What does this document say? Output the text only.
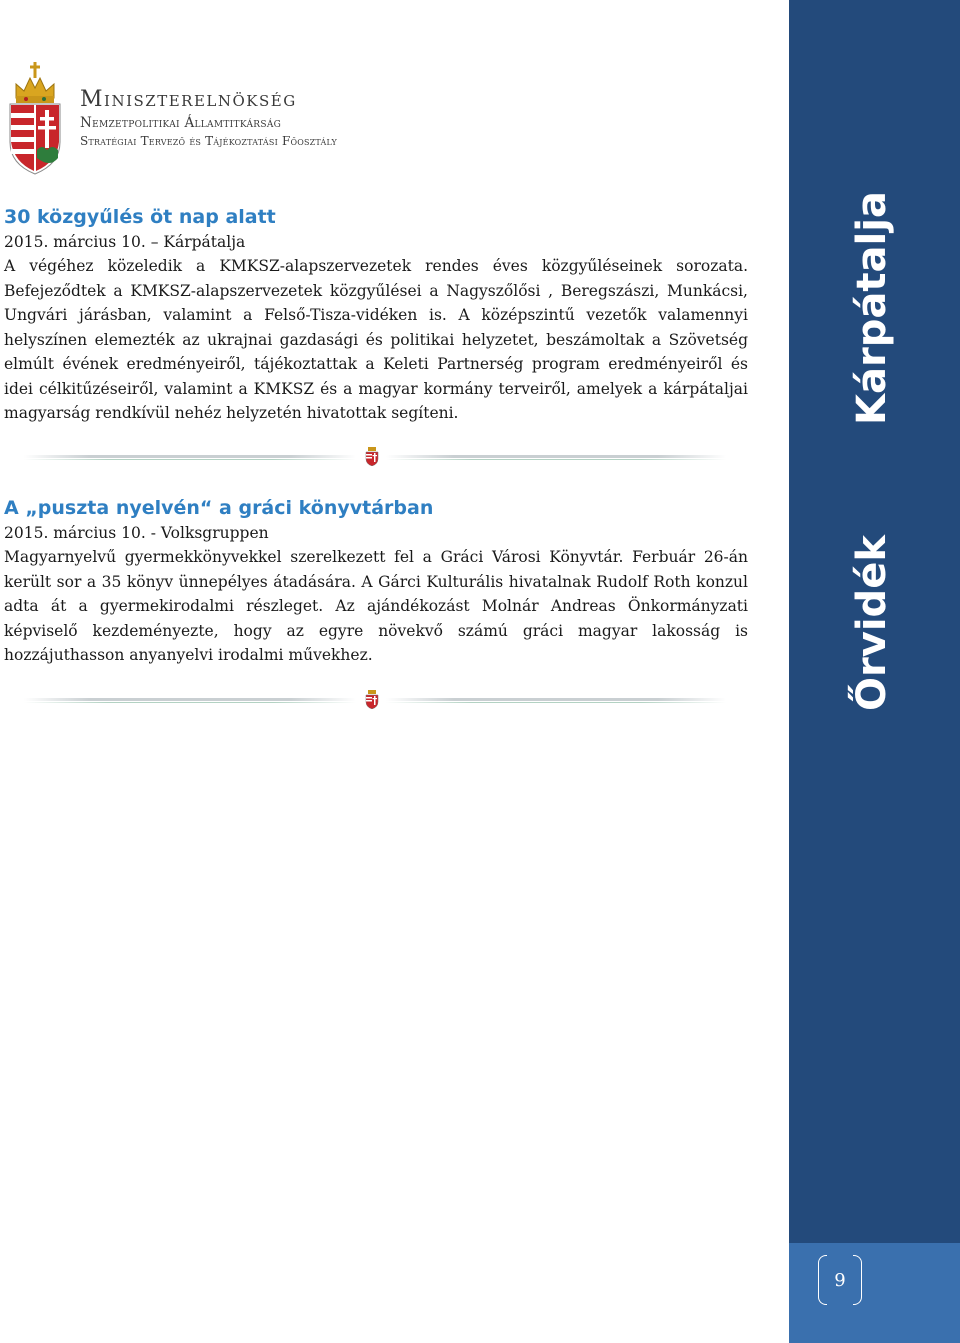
Miniszterelnökség
Nemzetpolitikai Államtitkárság
Stratégiai Tervező és Tájékoztatási Főosztály
30 közgyűlés öt nap alatt
2015. március 10. – Kárpátalja

A végéhez közeledik a KMKSZ-alapszervezetek rendes éves közgyűléseinek sorozata. Befejeződtek a KMKSZ-alapszervezetek közgyűlései a Nagyszőlősi , Beregszászi, Munkácsi, Ungvári járásban, valamint a Felső-Tisza-vidéken is. A középszintű vezetők valamennyi helyszínen elemezték az ukrajnai gazdasági és politikai helyzetet, beszámoltak a Szövetség elmúlt évének eredményeiről, tájékoztattak a Keleti Partnerség program eredményeiről és idei célkitűzéseiről, valamint a KMKSZ és a magyar kormány terveiről, amelyek a kárpátaljai magyarság rendkívül nehéz helyzetén hivatottak segíteni.

A „puszta nyelvén“ a gráci könyvtárban
2015. március 10. - Volksgruppen

Magyarnyelvű gyermekkönyvekkel szerelkezett fel a Gráci Városi Könyvtár. Ferbuár 26-án került sor a 35 könyv ünnepélyes átadására. A Gárci Kulturális hivatalnak Rudolf Roth konzul adta át a gyermekirodalmi részleget. Az ajándékozást Molnár Andreas Önkormányzati képviselő kezdeményezte, hogy az egyre növekvő számú gráci magyar lakosság is hozzájuthasson anyanyelvi irodalmi művekhez.

Kárpátalja
Őrvidék
9
